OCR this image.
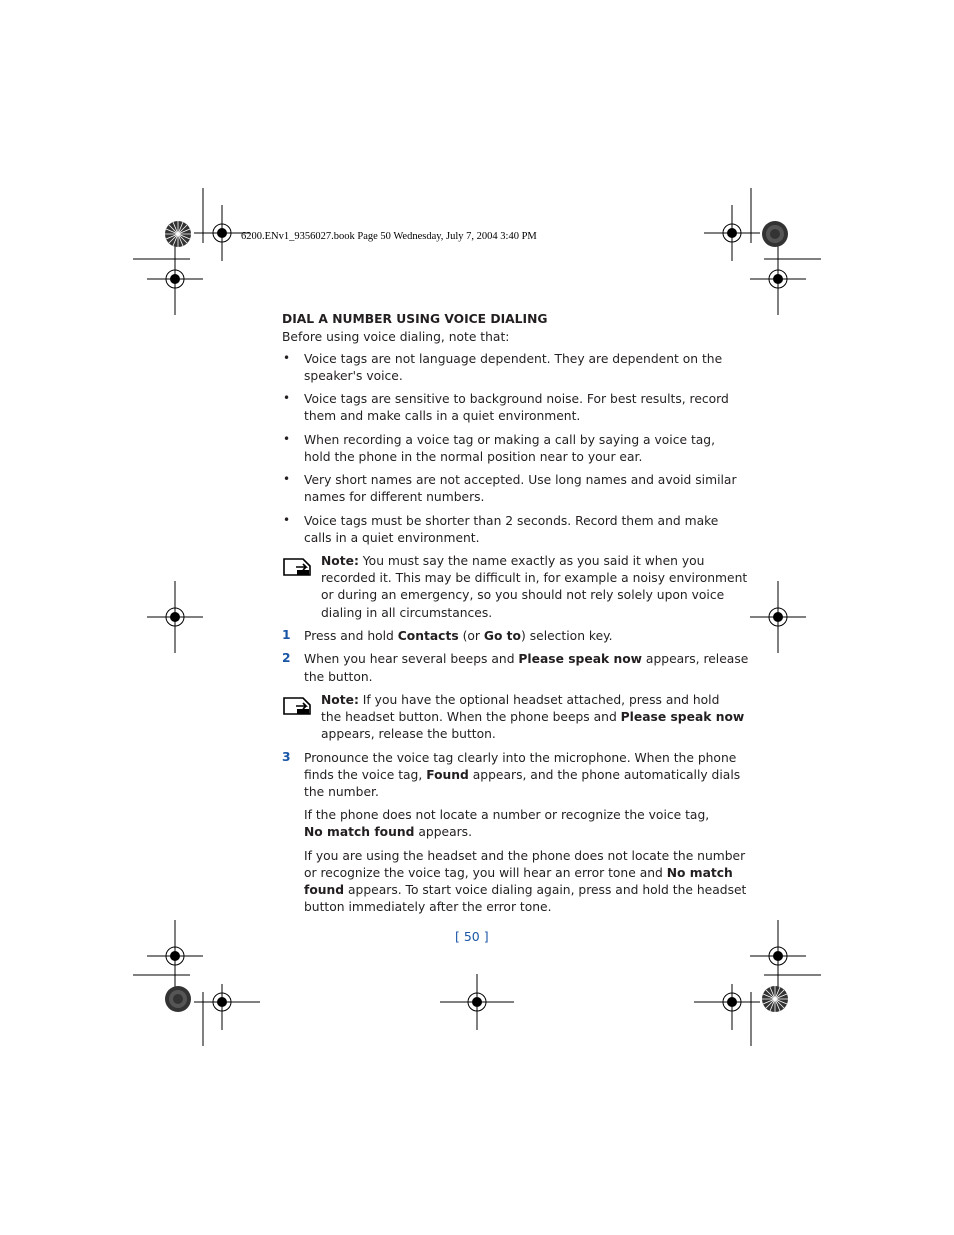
6200.ENv1_9356027.book Page 50 Wednesday, July 7, 2004 3:40 PM
DIAL A NUMBER USING VOICE DIALING
Before using voice dialing, note that:
• Voice tags are not language dependent. They are dependent on the
speaker's voice.
• Voice tags are sensitive to background noise. For best results, record
them and make calls in a quiet environment.
• When recording a voice tag or making a call by saying a voice tag,
hold the phone in the normal position near to your ear.
• Very short names are not accepted. Use long names and avoid similar
names for different numbers.
• Voice tags must be shorter than 2 seconds. Record them and make
calls in a quiet environment.
Note: You must say the name exactly as you said it when you
recorded it. This may be difficult in, for example a noisy environment
or during an emergency, so you should not rely solely upon voice
dialing in all circumstances.
1 Press and hold Contacts (or Go to) selection key.
2 When you hear several beeps and Please speak now appears, release
the button.
Note: If you have the optional headset attached, press and hold
the headset button. When the phone beeps and Please speak now
appears, release the button.
3 Pronounce the voice tag clearly into the microphone. When the phone
finds the voice tag, Found appears, and the phone automatically dials
the number.
If the phone does not locate a number or recognize the voice tag,
No match found appears.
If you are using the headset and the phone does not locate the number
or recognize the voice tag, you will hear an error tone and No match
found appears. To start voice dialing again, press and hold the headset
button immediately after the error tone.
[ 50 ]
